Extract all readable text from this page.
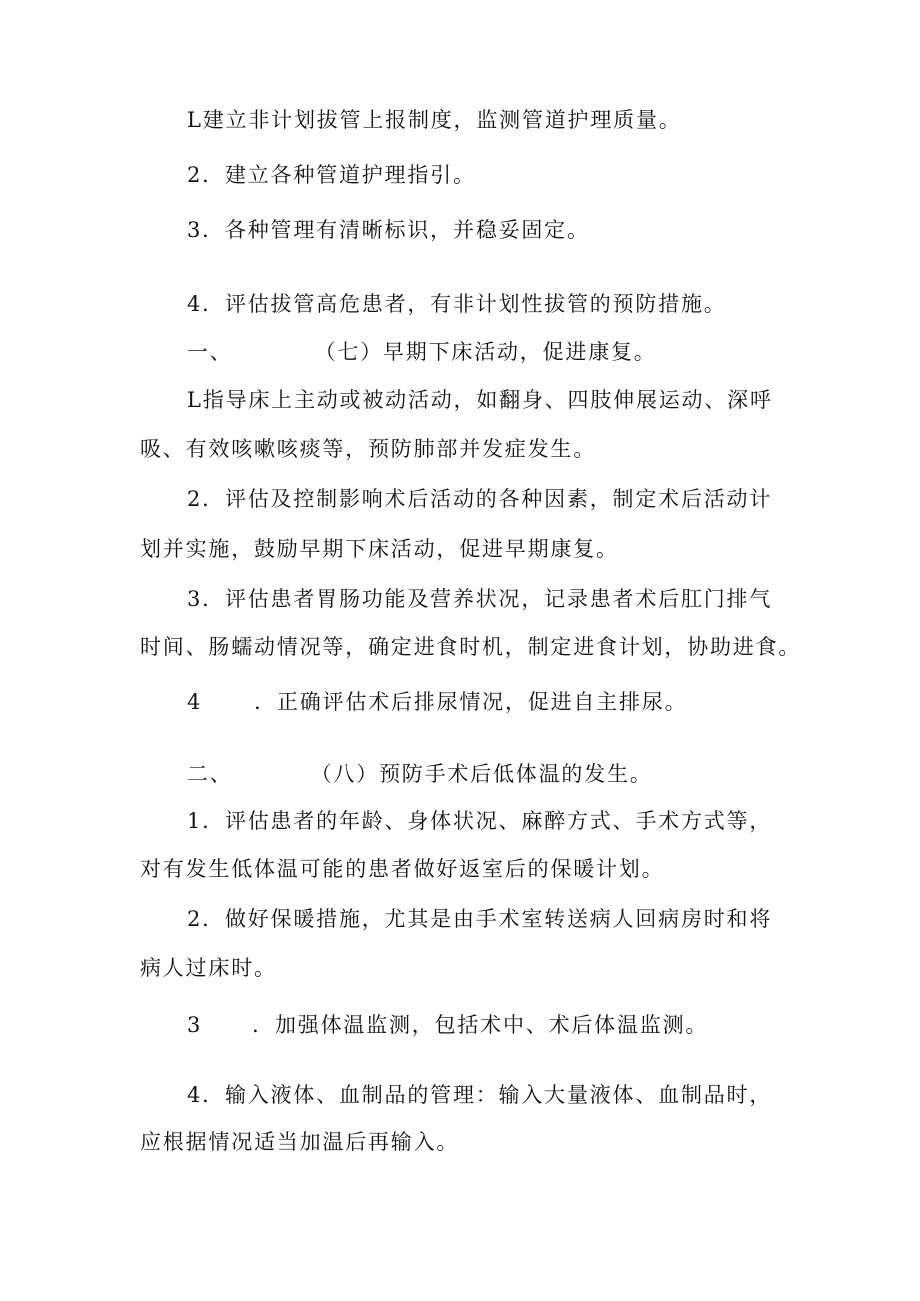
L建立非计划拔管上报制度，监测管道护理质量。
2．建立各种管道护理指引。
3．各种管理有清晰标识，并稳妥固定。
4．评估拔管高危患者，有非计划性拔管的预防措施。
一、	（七）早期下床活动，促进康复。
L指导床上主动或被动活动，如翻身、四肢伸展运动、深呼
吸、有效咳嗽咳痰等，预防肺部并发症发生。
2．评估及控制影响术后活动的各种因素，制定术后活动计
划并实施，鼓励早期下床活动，促进早期康复。
3．评估患者胃肠功能及营养状况，记录患者术后肛门排气
时间、肠蠕动情况等，确定进食时机，制定进食计划，协助进食。
4 ．正确评估术后排尿情况，促进自主排尿。
二、	（八）预防手术后低体温的发生。
1．评估患者的年龄、身体状况、麻醉方式、手术方式等，
对有发生低体温可能的患者做好返室后的保暖计划。
2．做好保暖措施，尤其是由手术室转送病人回病房时和将
病人过床时。
3 ．加强体温监测，包括术中、术后体温监测。
4．输入液体、血制品的管理：输入大量液体、血制品时，
应根据情况适当加温后再输入。
